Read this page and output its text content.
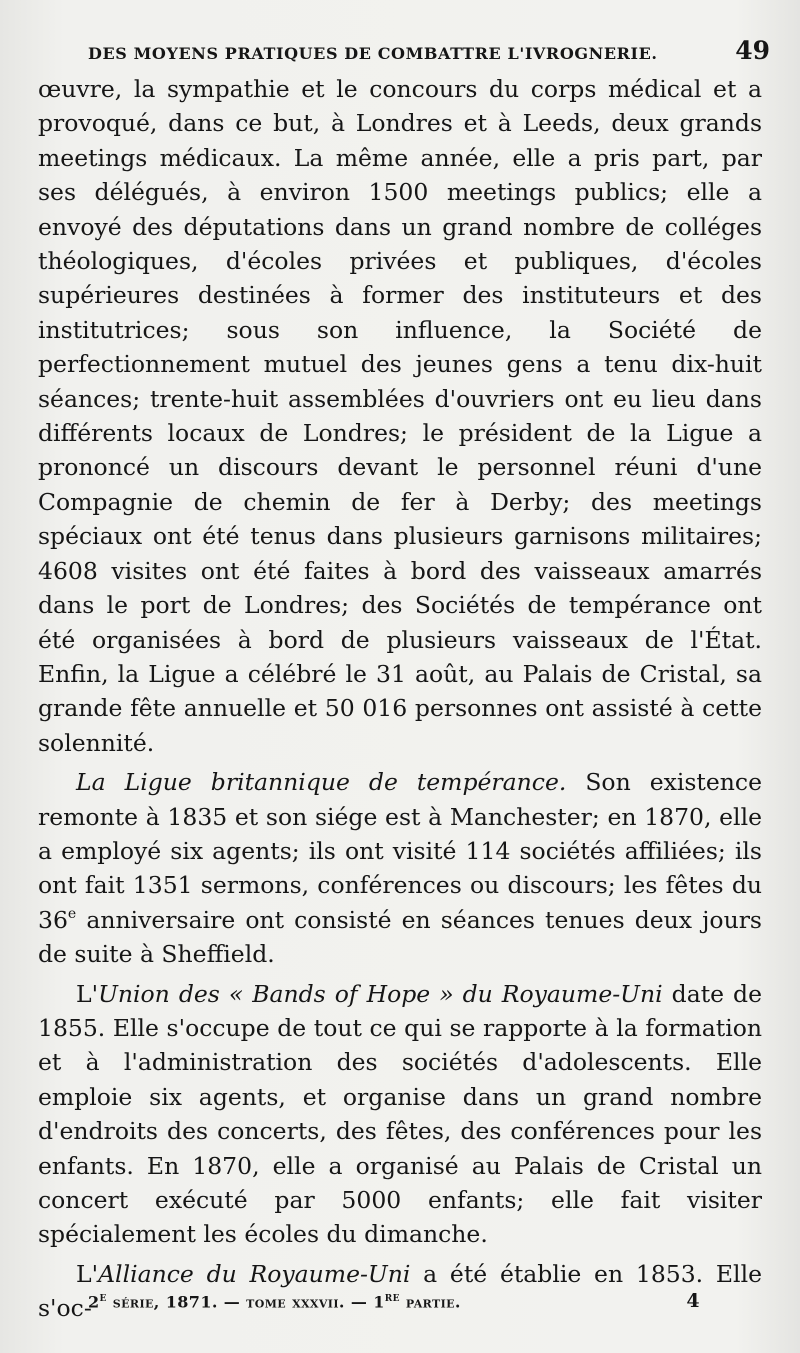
DES MOYENS PRATIQUES DE COMBATTRE L'IVROGNERIE.	49

œuvre, la sympathie et le concours du corps médical et a provoqué, dans ce but, à Londres et à Leeds, deux grands meetings médicaux. La même année, elle a pris part, par ses délégués, à environ 1500 meetings publics; elle a envoyé des députations dans un grand nombre de colléges théologiques, d'écoles privées et publiques, d'écoles supérieures destinées à former des instituteurs et des institutrices; sous son influence, la Société de perfectionnement mutuel des jeunes gens a tenu dix-huit séances; trente-huit assemblées d'ouvriers ont eu lieu dans différents locaux de Londres; le président de la Ligue a prononcé un discours devant le personnel réuni d'une Compagnie de chemin de fer à Derby; des meetings spéciaux ont été tenus dans plusieurs garnisons militaires; 4608 visites ont été faites à bord des vaisseaux amarrés dans le port de Londres; des Sociétés de tempérance ont été organisées à bord de plusieurs vaisseaux de l'État. Enfin, la Ligue a célébré le 31 août, au Palais de Cristal, sa grande fête annuelle et 50 016 personnes ont assisté à cette solennité.

La Ligue britannique de tempérance. Son existence remonte à 1835 et son siége est à Manchester; en 1870, elle a employé six agents; ils ont visité 114 sociétés affiliées; ils ont fait 1351 sermons, conférences ou discours; les fêtes du 36e anniversaire ont consisté en séances tenues deux jours de suite à Sheffield.

L'Union des « Bands of Hope » du Royaume-Uni date de 1855. Elle s'occupe de tout ce qui se rapporte à la formation et à l'administration des sociétés d'adolescents. Elle emploie six agents, et organise dans un grand nombre d'endroits des concerts, des fêtes, des conférences pour les enfants. En 1870, elle a organisé au Palais de Cristal un concert exécuté par 5000 enfants; elle fait visiter spécialement les écoles du dimanche.

L'Alliance du Royaume-Uni a été établie en 1853. Elle s'oc-

2e série, 1871. — tome xxxvii. — 1re partie.	4
